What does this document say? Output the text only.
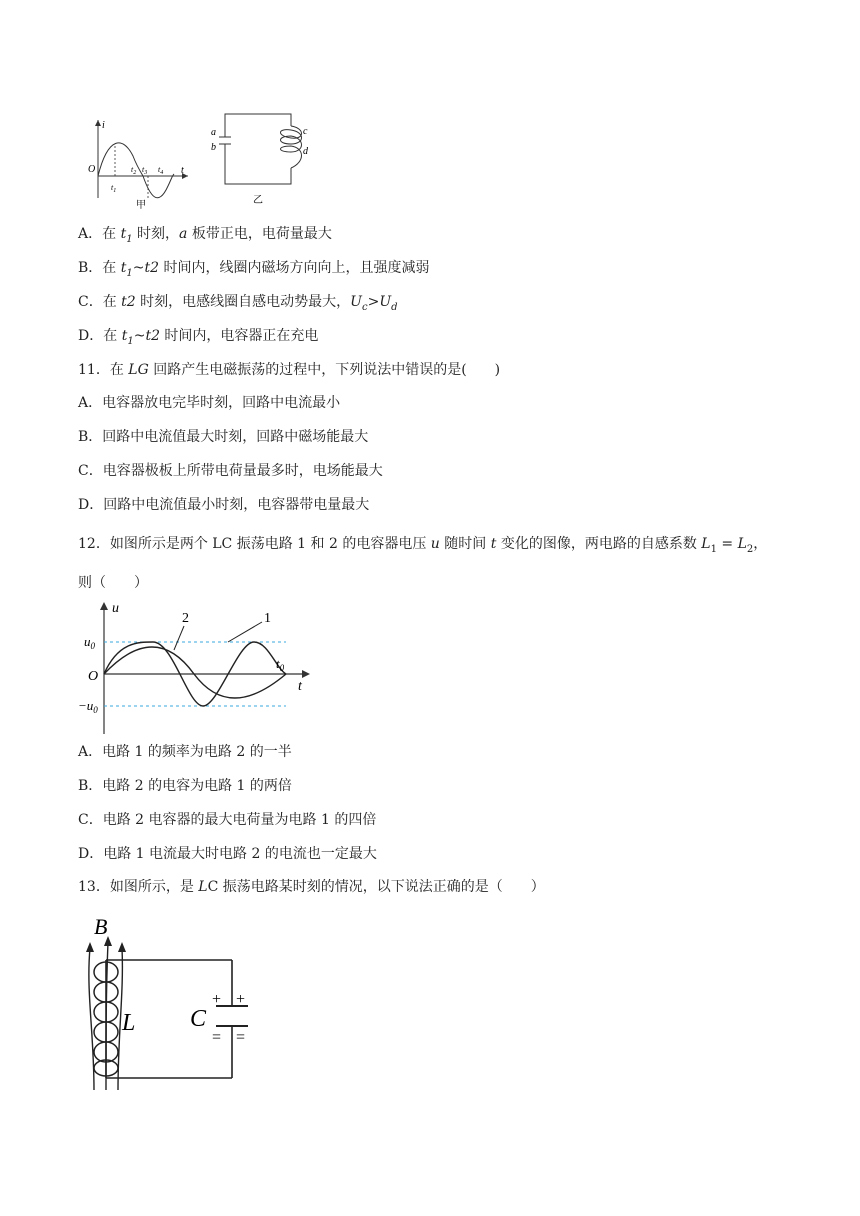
i
t
O
$t_1$
$t_2$ $t_3$ $t_4$
甲
a
b
c
d
乙
A．在 $t_1$ 时刻，a 板带正电，电荷量最大
B．在 $t_1\sim t2$ 时间内，线圈内磁场方向向上，且强度减弱
C．在 t2 时刻，电感线圈自感电动势最大，$U_c>U_d$
D．在 $t_1\sim t2$ 时间内，电容器正在充电
11．在 LG 回路产生电磁振荡的过程中，下列说法中错误的是(　　)
A．电容器放电完毕时刻，回路中电流最小
B．回路中电流值最大时刻，回路中磁场能最大
C．电容器极板上所带电荷量最多时，电场能最大
D．回路中电流值最小时刻，电容器带电量最大
12．如图所示是两个 LC 振荡电路 1 和 2 的电容器电压 u 随时间 t 变化的图像，两电路的自感系数 $L_1 = L_2$，
则（　　）
u
t
O
$u_0$
$-u_0$
$t_0$
2	1
A．电路 1 的频率为电路 2 的一半
B．电路 2 的电容为电路 1 的两倍
C．电路 2 电容器的最大电荷量为电路 1 的四倍
D．电路 1 电流最大时电路 2 的电流也一定最大
13．如图所示，是 LC 振荡电路某时刻的情况，以下说法正确的是（　　）
B
L C
+ +
= =
